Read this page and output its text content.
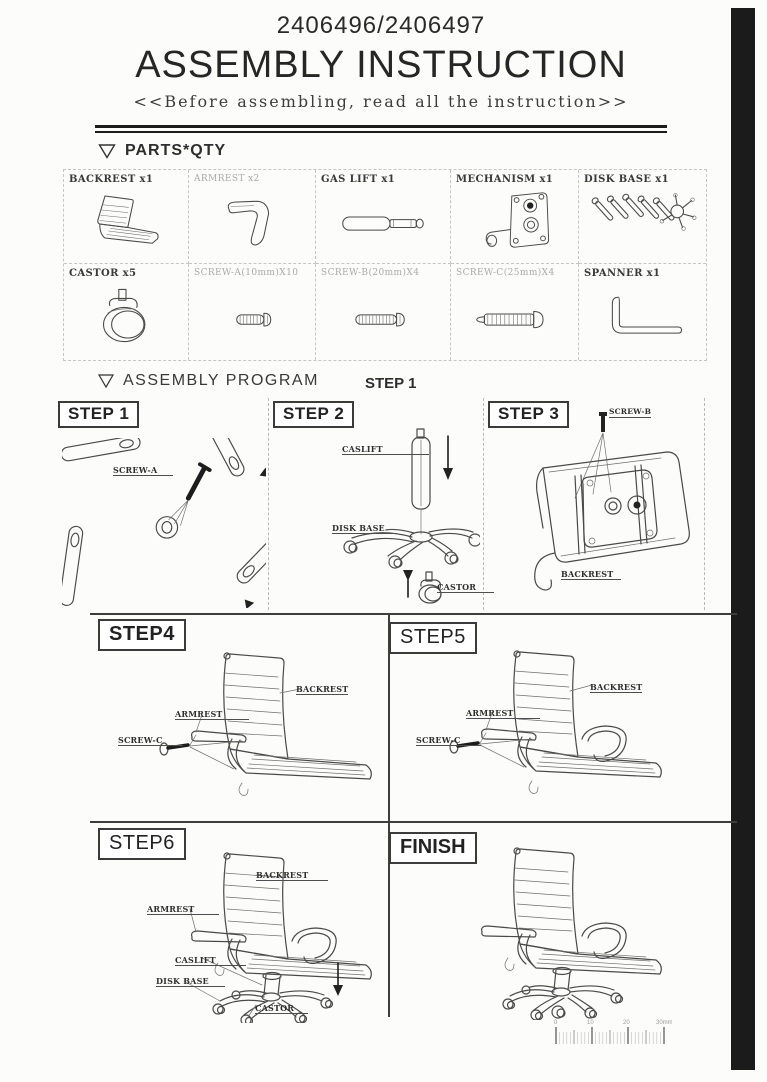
2406496/2406497
ASSEMBLY INSTRUCTION
<<Before assembling, read all the instruction>>
PARTS*QTY
BACKREST x1	ARMREST x2	GAS LIFT x1	MECHANISM x1	DISK BASE x1
CASTOR x5	SCREW-A(10mm)X10	SCREW-B(20mm)X4	SCREW-C(25mm)X4	SPANNER x1
ASSEMBLY PROGRAM	STEP 1
STEP 1
SCREW-A
STEP 2
CASLIFT
DISK BASE
CASTOR
STEP 3	SCREW-B
BACKREST
STEP4
BACKREST
ARMREST
SCREW-C
STEP5
BACKREST
ARMREST
SCREW-C
STEP6
BACKREST
ARMREST
CASLIFT
DISK BASE
CASTOR
FINISH
0	10	20	30mm
